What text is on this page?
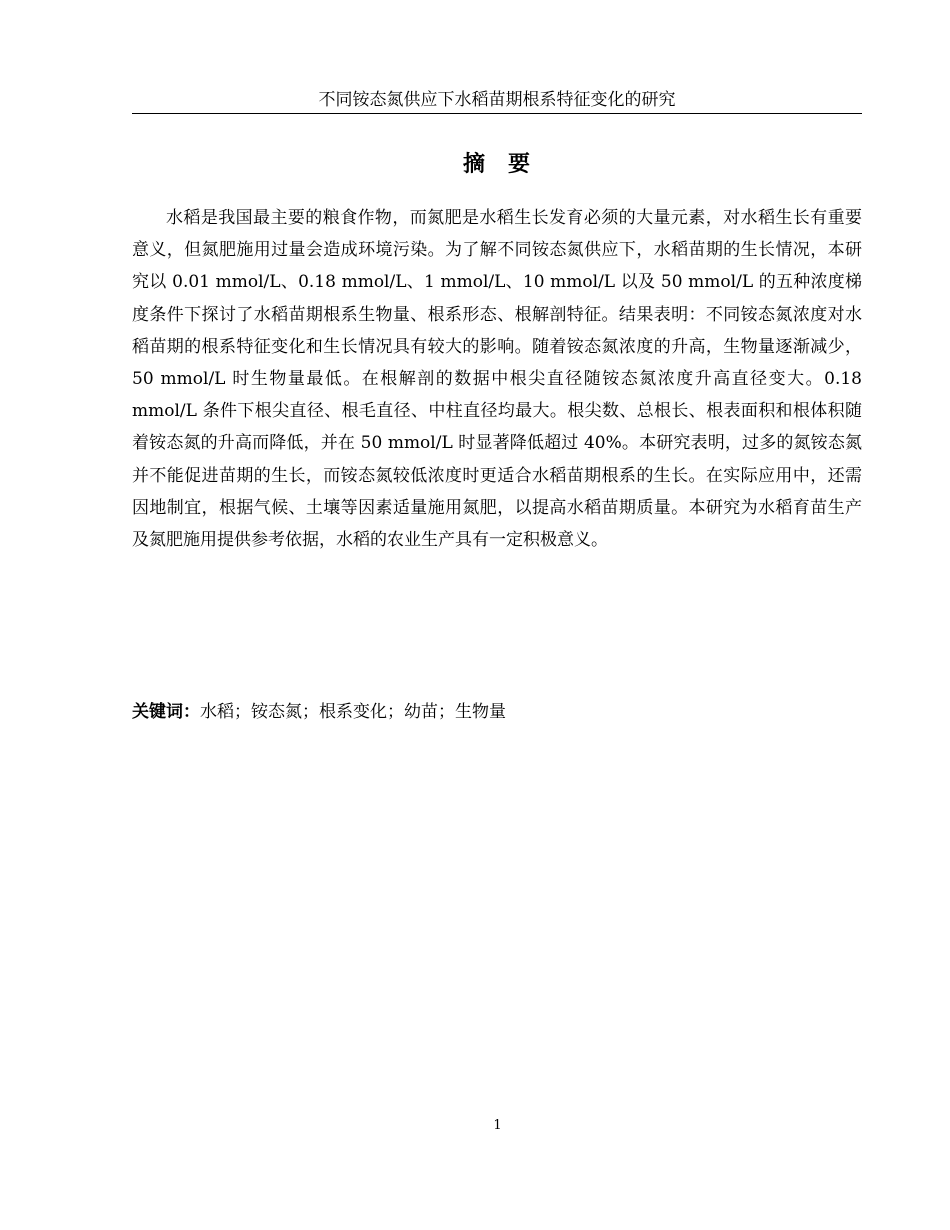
不同铵态氮供应下水稻苗期根系特征变化的研究
摘 要

水稻是我国最主要的粮食作物，而氮肥是水稻生长发育必须的大量元素，对水稻生长有重要意义，但氮肥施用过量会造成环境污染。为了解不同铵态氮供应下，水稻苗期的生长情况，本研究以 0.01 mmol/L、0.18 mmol/L、1 mmol/L、10 mmol/L 以及 50 mmol/L 的五种浓度梯度条件下探讨了水稻苗期根系生物量、根系形态、根解剖特征。结果表明：不同铵态氮浓度对水稻苗期的根系特征变化和生长情况具有较大的影响。随着铵态氮浓度的升高，生物量逐渐减少，50 mmol/L 时生物量最低。在根解剖的数据中根尖直径随铵态氮浓度升高直径变大。0.18 mmol/L 条件下根尖直径、根毛直径、中柱直径均最大。根尖数、总根长、根表面积和根体积随着铵态氮的升高而降低，并在 50 mmol/L 时显著降低超过 40%。本研究表明，过多的氮铵态氮并不能促进苗期的生长，而铵态氮较低浓度时更适合水稻苗期根系的生长。在实际应用中，还需因地制宜，根据气候、土壤等因素适量施用氮肥，以提高水稻苗期质量。本研究为水稻育苗生产及氮肥施用提供参考依据，水稻的农业生产具有一定积极意义。

关键词：水稻；铵态氮；根系变化；幼苗；生物量
1
